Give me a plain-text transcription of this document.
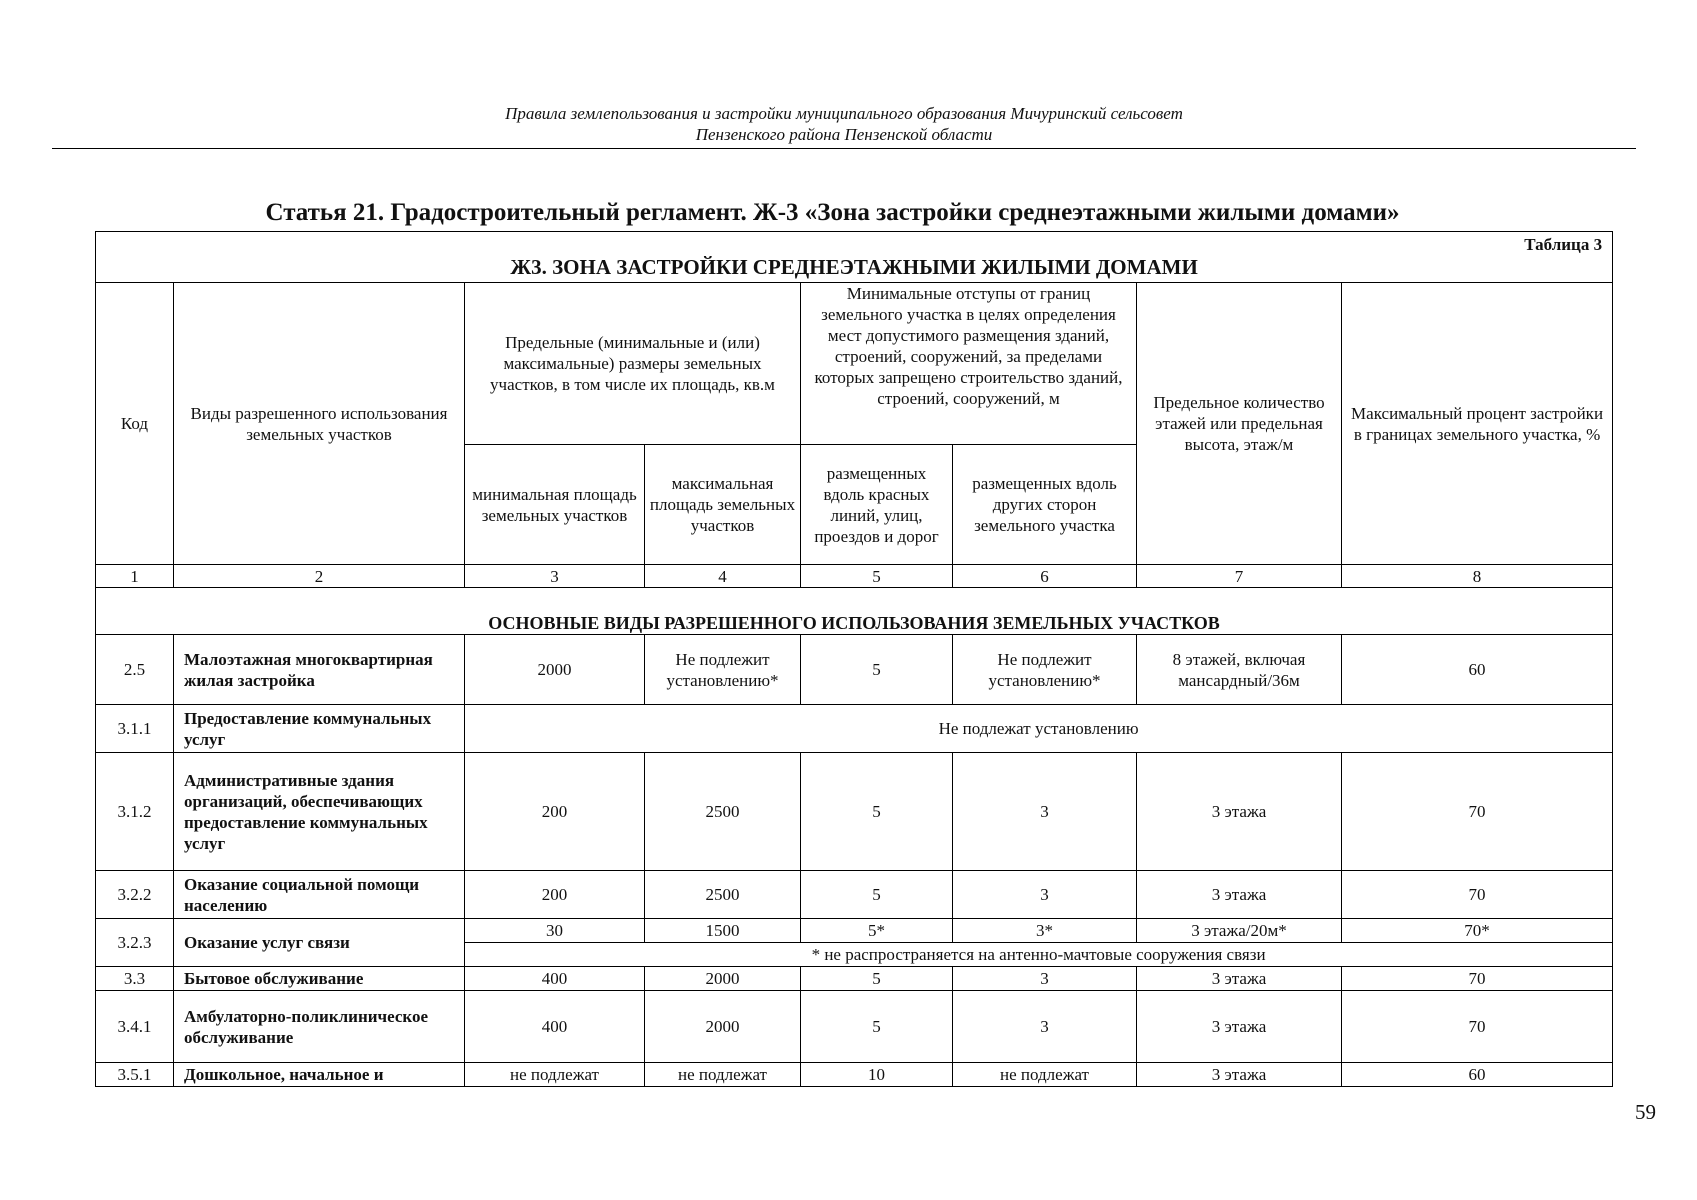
Правила землепользования и застройки муниципального образования Мичуринский сельсовет
Пензенского района Пензенской области
Статья 21. Градостроительный регламент. Ж-3 «Зона застройки среднеэтажными жилыми домами»
Таблица 3
Ж3. ЗОНА ЗАСТРОЙКИ СРЕДНЕЭТАЖНЫМИ ЖИЛЫМИ ДОМАМИ							

Код	Виды разрешенного использования земельных участков	Предельные (минимальные и (или) максимальные) размеры земельных участков, в том числе их площадь, кв.м		Минимальные отступы от границ земельного участка в целях определения мест допустимого размещения зданий, строений, сооружений, за пределами которых запрещено строительство зданий, строений, сооружений, м		Предельное количество этажей или предельная высота, этаж/м	Максимальный процент застройки в границах земельного участка, %
		минимальная площадь земельных участков	максимальная площадь земельных участков	размещенных вдоль красных линий, улиц, проездов и дорог	размещенных вдоль других сторон земельного участка		
1	2	3	4	5	6	7	8
ОСНОВНЫЕ ВИДЫ РАЗРЕШЕННОГО ИСПОЛЬЗОВАНИЯ ЗЕМЕЛЬНЫХ УЧАСТКОВ							
2.5	Малоэтажная многоквартирная жилая застройка	2000	Не подлежит установлению*	5	Не подлежит установлению*	8 этажей, включая мансардный/36м	60
3.1.1	Предоставление коммунальных услуг	Не подлежат установлению					
3.1.2	Административные здания организаций, обеспечивающих предоставление коммунальных услуг	200	2500	5	3	3 этажа	70
3.2.2	Оказание социальной помощи населению	200	2500	5	3	3 этажа	70
3.2.3	Оказание услуг связи	30	1500	5*	3*	3 этажа/20м*	70*
		* не распространяется на антенно-мачтовые сооружения связи					
3.3	Бытовое обслуживание	400	2000	5	3	3 этажа	70
3.4.1	Амбулаторно-поликлиническое обслуживание	400	2000	5	3	3 этажа	70
3.5.1	Дошкольное, начальное и	не подлежат	не подлежат	10	не подлежат	3 этажа	60
59
